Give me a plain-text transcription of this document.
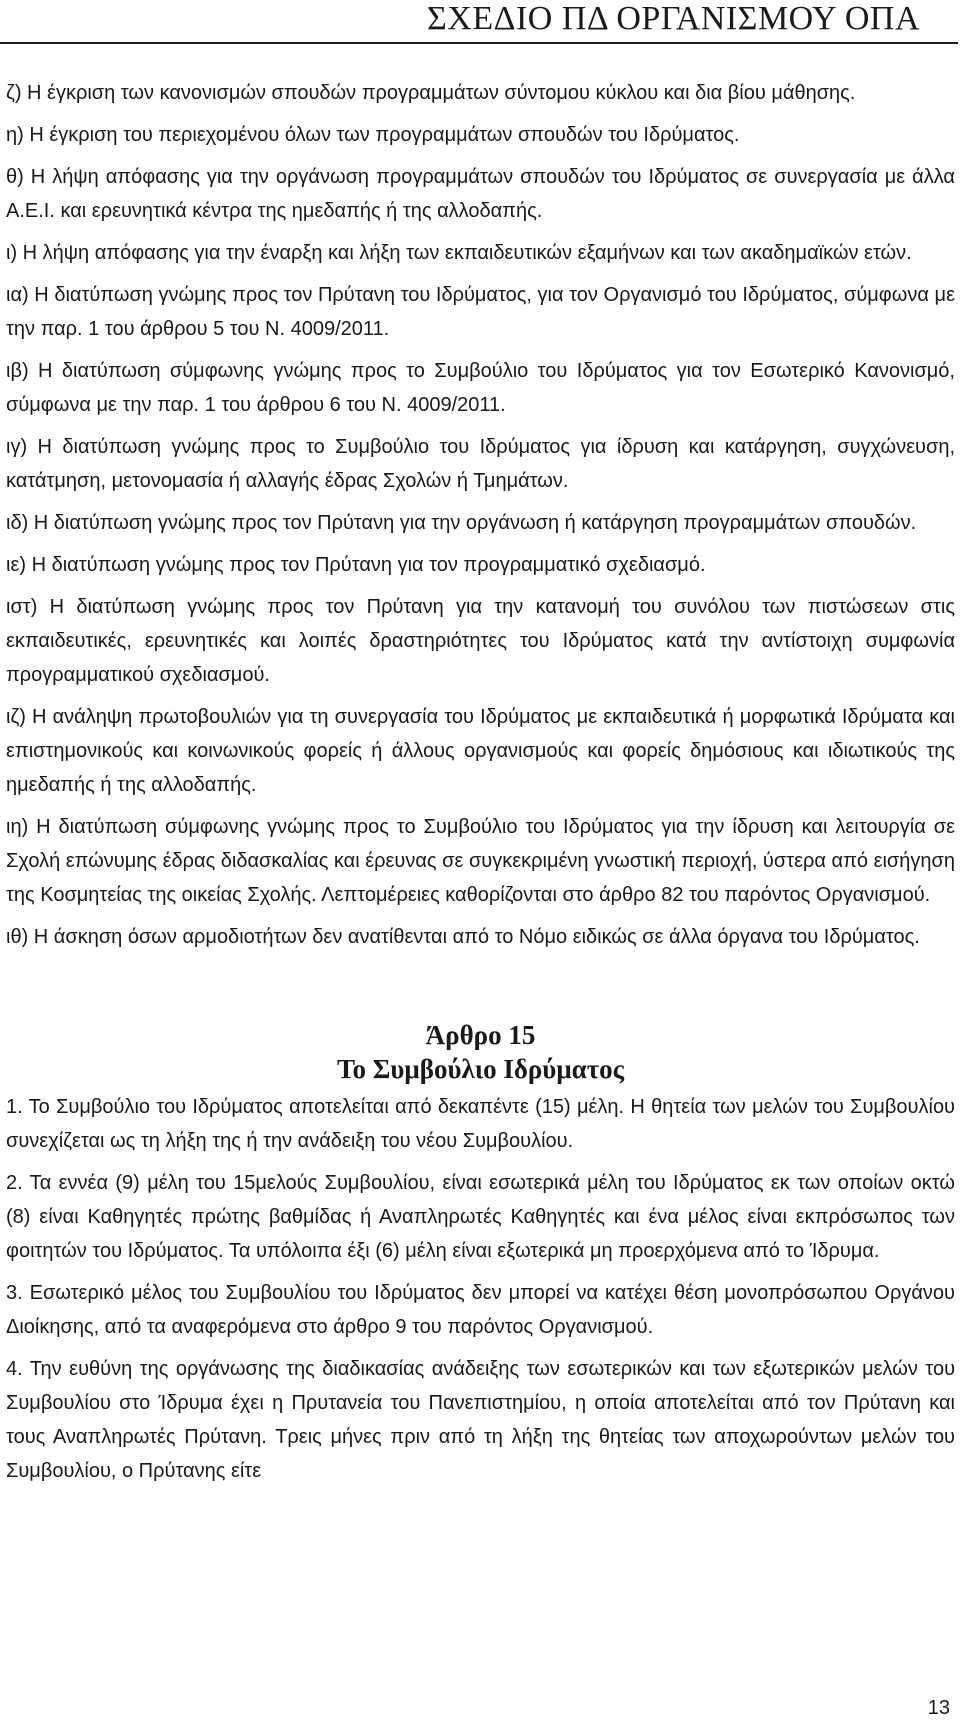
ΣΧΕΔΙΟ ΠΔ ΟΡΓΑΝΙΣΜΟΥ ΟΠΑ

ζ) Η έγκριση των κανονισμών σπουδών προγραμμάτων σύντομου κύκλου και δια βίου μάθησης.

η) Η έγκριση του περιεχομένου όλων των προγραμμάτων σπουδών του Ιδρύματος.

θ) Η λήψη απόφασης για την οργάνωση προγραμμάτων σπουδών του Ιδρύματος σε συνεργασία με άλλα Α.Ε.Ι. και ερευνητικά κέντρα της ημεδαπής ή της αλλοδαπής.

ι) Η λήψη απόφασης για την έναρξη και λήξη των εκπαιδευτικών εξαμήνων και των ακαδημαϊκών ετών.

ια) Η διατύπωση γνώμης προς τον Πρύτανη του Ιδρύματος, για τον Οργανισμό του Ιδρύματος, σύμφωνα με την παρ. 1 του άρθρου 5 του Ν. 4009/2011.

ιβ) Η διατύπωση σύμφωνης γνώμης προς το Συμβούλιο του Ιδρύματος για τον Εσωτερικό Κανονισμό, σύμφωνα με την παρ. 1 του άρθρου 6 του Ν. 4009/2011.

ιγ) Η διατύπωση γνώμης προς το Συμβούλιο του Ιδρύματος για ίδρυση και κατάργηση, συγχώνευση, κατάτμηση, μετονομασία ή αλλαγής έδρας Σχολών ή Τμημάτων.

ιδ) Η διατύπωση γνώμης προς τον Πρύτανη για την οργάνωση ή κατάργηση προγραμμάτων σπουδών.

ιε) Η διατύπωση γνώμης προς τον Πρύτανη για τον προγραμματικό σχεδιασμό.

ιστ) Η διατύπωση γνώμης προς τον Πρύτανη για την κατανομή του συνόλου των πιστώσεων στις εκπαιδευτικές, ερευνητικές και λοιπές δραστηριότητες του Ιδρύματος κατά την αντίστοιχη συμφωνία προγραμματικού σχεδιασμού.

ιζ) Η ανάληψη πρωτοβουλιών για τη συνεργασία του Ιδρύματος με εκπαιδευτικά ή μορφωτικά Ιδρύματα και επιστημονικούς και κοινωνικούς φορείς ή άλλους οργανισμούς και φορείς δημόσιους και ιδιωτικούς της ημεδαπής ή της αλλοδαπής.

ιη) Η διατύπωση σύμφωνης γνώμης προς το Συμβούλιο του Ιδρύματος για την ίδρυση και λειτουργία σε Σχολή επώνυμης έδρας διδασκαλίας και έρευνας σε συγκεκριμένη γνωστική περιοχή, ύστερα από εισήγηση της Κοσμητείας της οικείας Σχολής. Λεπτομέρειες καθορίζονται στο άρθρο 82 του παρόντος Οργανισμού.

ιθ) Η άσκηση όσων αρμοδιοτήτων δεν ανατίθενται από το Νόμο ειδικώς σε άλλα όργανα του Ιδρύματος.

Άρθρο 15
Το Συμβούλιο Ιδρύματος

1. Το Συμβούλιο του Ιδρύματος αποτελείται από δεκαπέντε (15) μέλη. Η θητεία των μελών του Συμβουλίου συνεχίζεται ως τη λήξη της ή την ανάδειξη του νέου Συμβουλίου.

2. Τα εννέα (9) μέλη του 15μελούς Συμβουλίου, είναι εσωτερικά μέλη του Ιδρύματος εκ των οποίων οκτώ (8) είναι Καθηγητές πρώτης βαθμίδας ή Αναπληρωτές Καθηγητές και ένα μέλος είναι εκπρόσωπος των φοιτητών του Ιδρύματος. Τα υπόλοιπα έξι (6) μέλη είναι εξωτερικά μη προερχόμενα από το Ίδρυμα.

3. Εσωτερικό μέλος του Συμβουλίου του Ιδρύματος δεν μπορεί να κατέχει θέση μονοπρόσωπου Οργάνου Διοίκησης, από τα αναφερόμενα στο άρθρο 9 του παρόντος Οργανισμού.

4. Την ευθύνη της οργάνωσης της διαδικασίας ανάδειξης των εσωτερικών και των εξωτερικών μελών του Συμβουλίου στο Ίδρυμα έχει η Πρυτανεία του Πανεπιστημίου, η οποία αποτελείται από τον Πρύτανη και τους Αναπληρωτές Πρύτανη. Τρεις μήνες πριν από τη λήξη της θητείας των αποχωρούντων μελών του Συμβουλίου, ο Πρύτανης είτε

13
